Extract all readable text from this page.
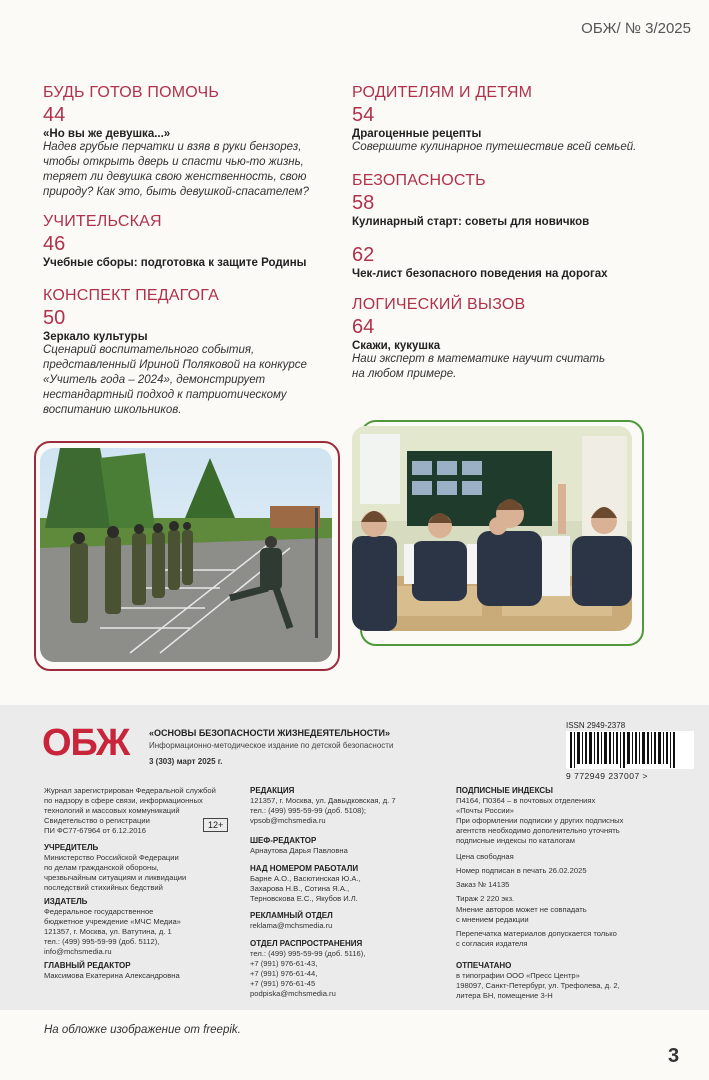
ОБЖ/ № 3/2025
БУДЬ ГОТОВ ПОМОЧЬ
44
«Но вы же девушка...»
Надев грубые перчатки и взяв в руки бензорез,
чтобы открыть дверь и спасти чью-то жизнь,
теряет ли девушка свою женственность, свою
природу? Как это, быть девушкой-спасателем?
УЧИТЕЛЬСКАЯ
46
Учебные сборы: подготовка к защите Родины
КОНСПЕКТ ПЕДАГОГА
50
Зеркало культуры
Сценарий воспитательного события,
представленный Ириной Поляковой на конкурсе
«Учитель года – 2024», демонстрирует
нестандартный подход к патриотическому
воспитанию школьников.
РОДИТЕЛЯМ И ДЕТЯМ
54
Драгоценные рецепты
Совершите кулинарное путешествие всей семьей.
БЕЗОПАСНОСТЬ
58
Кулинарный старт: советы для новичков
62
Чек-лист безопасного поведения на дорогах
ЛОГИЧЕСКИЙ ВЫЗОВ
64
Скажи, кукушка
Наш эксперт в математике научит считать
на любом примере.
ОБЖ «ОСНОВЫ БЕЗОПАСНОСТИ ЖИЗНЕДЕЯТЕЛЬНОСТИ»
Информационно-методическое издание по детской безопасности
3 (303) март 2025 г.
ISSN 2949-2378
9 772949 237007 >
Журнал зарегистрирован Федеральной службой
по надзору в сфере связи, информационных
технологий и массовых коммуникаций
Свидетельство о регистрации
ПИ ФС77-67964 от 6.12.2016
12+
УЧРЕДИТЕЛЬ
Министерство Российской Федерации
по делам гражданской обороны,
чрезвычайным ситуациям и ликвидации
последствий стихийных бедствий
ИЗДАТЕЛЬ
Федеральное государственное
бюджетное учреждение «МЧС Медиа»
121357, г. Москва, ул. Ватутина, д. 1
тел.: (499) 995-59-99 (доб. 5112),
info@mchsmedia.ru
ГЛАВНЫЙ РЕДАКТОР
Максимова Екатерина Александровна
РЕДАКЦИЯ
121357, г. Москва, ул. Давыдковская, д. 7
тел.: (499) 995-59-99 (доб. 5108);
vpsob@mchsmedia.ru
ШЕФ-РЕДАКТОР
Арнаутова Дарья Павловна
НАД НОМЕРОМ РАБОТАЛИ
Барне А.О., Васютинская Ю.А.,
Захарова Н.В., Сотина Я.А.,
Терновскова Е.С., Якубов И.Л.
РЕКЛАМНЫЙ ОТДЕЛ
reklama@mchsmedia.ru
ОТДЕЛ РАСПРОСТРАНЕНИЯ
тел.: (499) 995-59-99 (доб. 5116),
+7 (991) 976-61-43,
+7 (991) 976-61-44,
+7 (991) 976-61-45
podpiska@mchsmedia.ru
ПОДПИСНЫЕ ИНДЕКСЫ
П4164, П0364 – в почтовых отделениях
«Почты России»
При оформлении подписки у других подписных
агентств необходимо дополнительно уточнять
подписные индексы по каталогам
Цена свободная
Номер подписан в печать 26.02.2025
Заказ № 14135
Тираж 2 220 экз.
Мнение авторов может не совпадать
с мнением редакции
Перепечатка материалов допускается только
с согласия издателя
ОТПЕЧАТАНО
в типографии ООО «Пресс Центр»
198097, Санкт-Петербург, ул. Трефолева, д. 2,
литера БН, помещение 3-Н
На обложке изображение от freepik.
3
